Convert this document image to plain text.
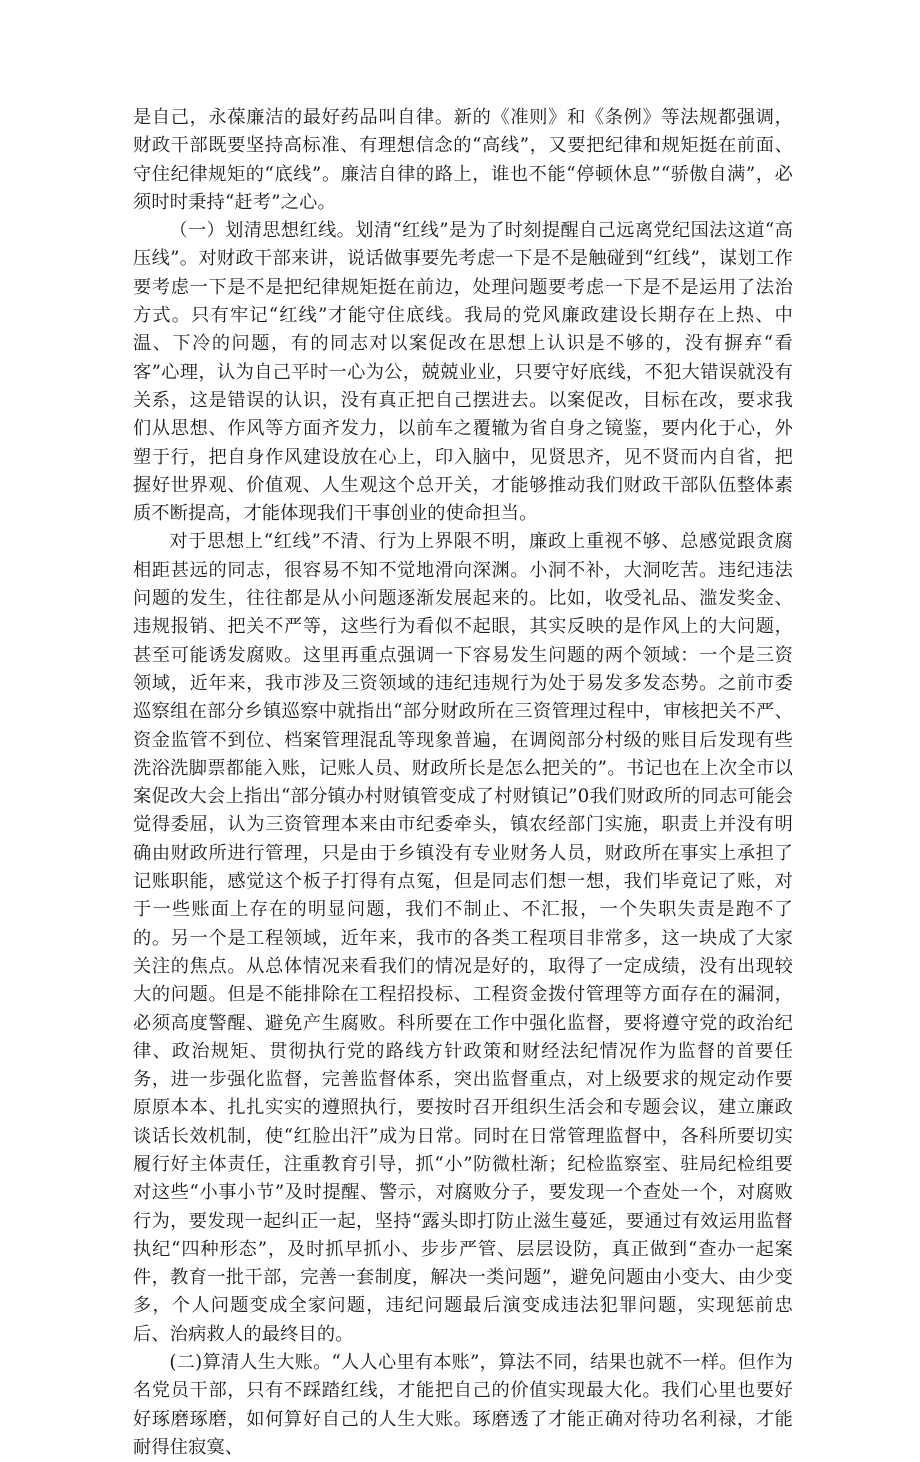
是自己，永葆廉洁的最好药品叫自律。新的《准则》和《条例》等法规都强调，财政干部既要坚持高标准、有理想信念的“高线”，又要把纪律和规矩挺在前面、守住纪律规矩的“底线”。廉洁自律的路上，谁也不能“停顿休息”“骄傲自满”，必须时时秉持“赶考”之心。

（一）划清思想红线。划清“红线”是为了时刻提醒自己远离党纪国法这道“高压线”。对财政干部来讲，说话做事要先考虑一下是不是触碰到“红线”，谋划工作要考虑一下是不是把纪律规矩挺在前边，处理问题要考虑一下是不是运用了法治方式。只有牢记“红线”才能守住底线。我局的党风廉政建设长期存在上热、中温、下冷的问题，有的同志对以案促改在思想上认识是不够的，没有摒弃“看客”心理，认为自己平时一心为公，兢兢业业，只要守好底线，不犯大错误就没有关系，这是错误的认识，没有真正把自己摆进去。以案促改，目标在改，要求我们从思想、作风等方面齐发力，以前车之覆辙为省自身之镜鉴，要内化于心，外塑于行，把自身作风建设放在心上，印入脑中，见贤思齐，见不贤而内自省，把握好世界观、价值观、人生观这个总开关，才能够推动我们财政干部队伍整体素质不断提高，才能体现我们干事创业的使命担当。

对于思想上“红线”不清、行为上界限不明，廉政上重视不够、总感觉跟贪腐相距甚远的同志，很容易不知不觉地滑向深渊。小洞不补，大洞吃苦。违纪违法问题的发生，往往都是从小问题逐渐发展起来的。比如，收受礼品、滥发奖金、违规报销、把关不严等，这些行为看似不起眼，其实反映的是作风上的大问题，甚至可能诱发腐败。这里再重点强调一下容易发生问题的两个领域：一个是三资领域，近年来，我市涉及三资领域的违纪违规行为处于易发多发态势。之前市委巡察组在部分乡镇巡察中就指出“部分财政所在三资管理过程中，审核把关不严、资金监管不到位、档案管理混乱等现象普遍，在调阅部分村级的账目后发现有些洗浴洗脚票都能入账，记账人员、财政所长是怎么把关的”。书记也在上次全市以案促改大会上指出“部分镇办村财镇管变成了村财镇记”0我们财政所的同志可能会觉得委屈，认为三资管理本来由市纪委牵头，镇农经部门实施，职责上并没有明确由财政所进行管理，只是由于乡镇没有专业财务人员，财政所在事实上承担了记账职能，感觉这个板子打得有点冤，但是同志们想一想，我们毕竟记了账，对于一些账面上存在的明显问题，我们不制止、不汇报，一个失职失责是跑不了的。另一个是工程领域，近年来，我市的各类工程项目非常多，这一块成了大家关注的焦点。从总体情况来看我们的情况是好的，取得了一定成绩，没有出现较大的问题。但是不能排除在工程招投标、工程资金拨付管理等方面存在的漏洞，必须高度警醒、避免产生腐败。科所要在工作中强化监督，要将遵守党的政治纪律、政治规矩、贯彻执行党的路线方针政策和财经法纪情况作为监督的首要任务，进一步强化监督，完善监督体系，突出监督重点，对上级要求的规定动作要原原本本、扎扎实实的遵照执行，要按时召开组织生活会和专题会议，建立廉政谈话长效机制，使“红脸出汗”成为日常。同时在日常管理监督中，各科所要切实履行好主体责任，注重教育引导，抓“小”防微杜渐；纪检监察室、驻局纪检组要对这些“小事小节”及时提醒、警示，对腐败分子，要发现一个查处一个，对腐败行为，要发现一起纠正一起，坚持“露头即打防止滋生蔓延，要通过有效运用监督执纪“四种形态”，及时抓早抓小、步步严管、层层设防，真正做到“查办一起案件，教育一批干部，完善一套制度，解决一类问题”，避免问题由小变大、由少变多，个人问题变成全家问题，违纪问题最后演变成违法犯罪问题，实现惩前忠后、治病救人的最终目的。

(二)算清人生大账。“人人心里有本账”，算法不同，结果也就不一样。但作为名党员干部，只有不踩踏红线，才能把自己的价值实现最大化。我们心里也要好好琢磨琢磨，如何算好自己的人生大账。琢磨透了才能正确对待功名利禄，才能耐得住寂寞、
